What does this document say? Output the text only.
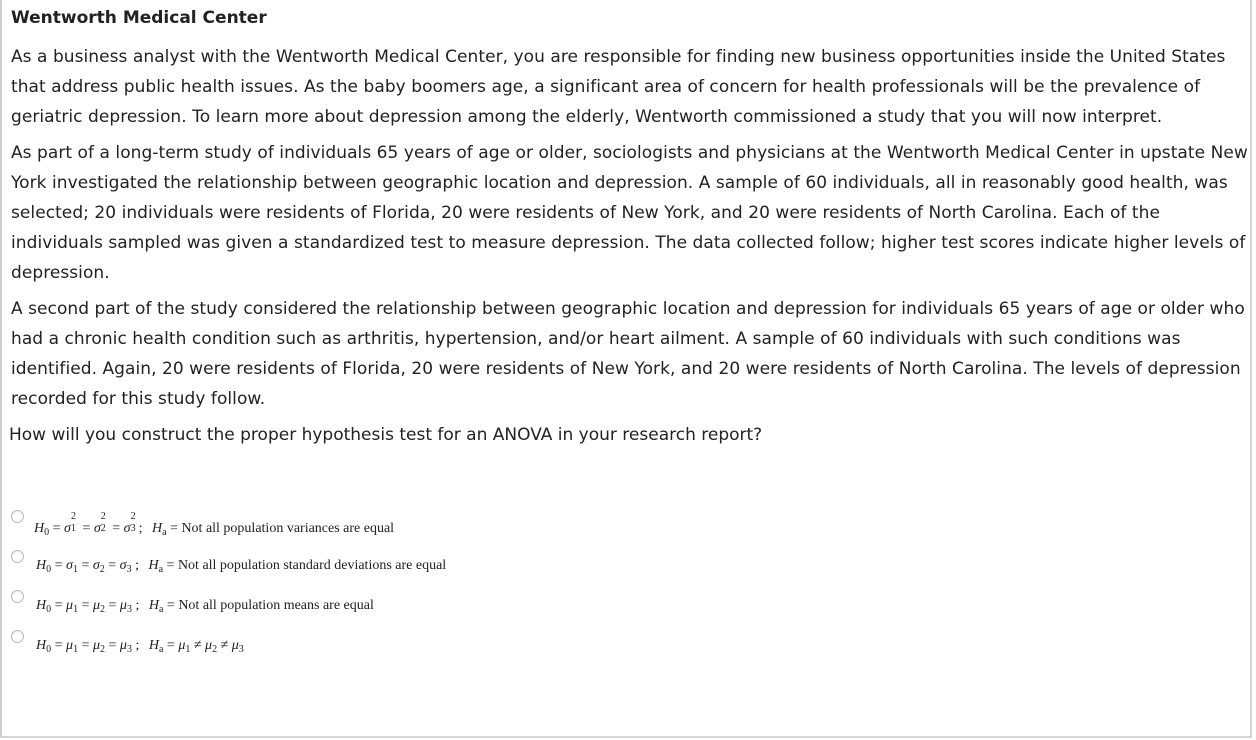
Wentworth Medical Center

As a business analyst with the Wentworth Medical Center, you are responsible for finding new business opportunities inside the United States that address public health issues. As the baby boomers age, a significant area of concern for health professionals will be the prevalence of geriatric depression. To learn more about depression among the elderly, Wentworth commissioned a study that you will now interpret.

As part of a long-term study of individuals 65 years of age or older, sociologists and physicians at the Wentworth Medical Center in upstate New York investigated the relationship between geographic location and depression. A sample of 60 individuals, all in reasonably good health, was selected; 20 individuals were residents of Florida, 20 were residents of New York, and 20 were residents of North Carolina. Each of the individuals sampled was given a standardized test to measure depression. The data collected follow; higher test scores indicate higher levels of depression.

A second part of the study considered the relationship between geographic location and depression for individuals 65 years of age or older who had a chronic health condition such as arthritis, hypertension, and/or heart ailment. A sample of 60 individuals with such conditions was identified. Again, 20 were residents of Florida, 20 were residents of New York, and 20 were residents of North Carolina. The levels of depression recorded for this study follow.

How will you construct the proper hypothesis test for an ANOVA in your research report?
$H_0 = \sigma$
2
1 = σ
2
2 = σ
2
3 ; $H_a$ = Not all population variances are equal
$H_0 = \sigma_1 = \sigma_2 = \sigma_3$ ; $H_a$ = Not all population standard deviations are equal
$H_0 = \mu_1 = \mu_2 = \mu_3$ ; $H_a$ = Not all population means are equal
$H_0 = \mu_1 = \mu_2 = \mu_3$ ; $H_a = \mu_1 \ne \mu_2 \ne \mu_3$
